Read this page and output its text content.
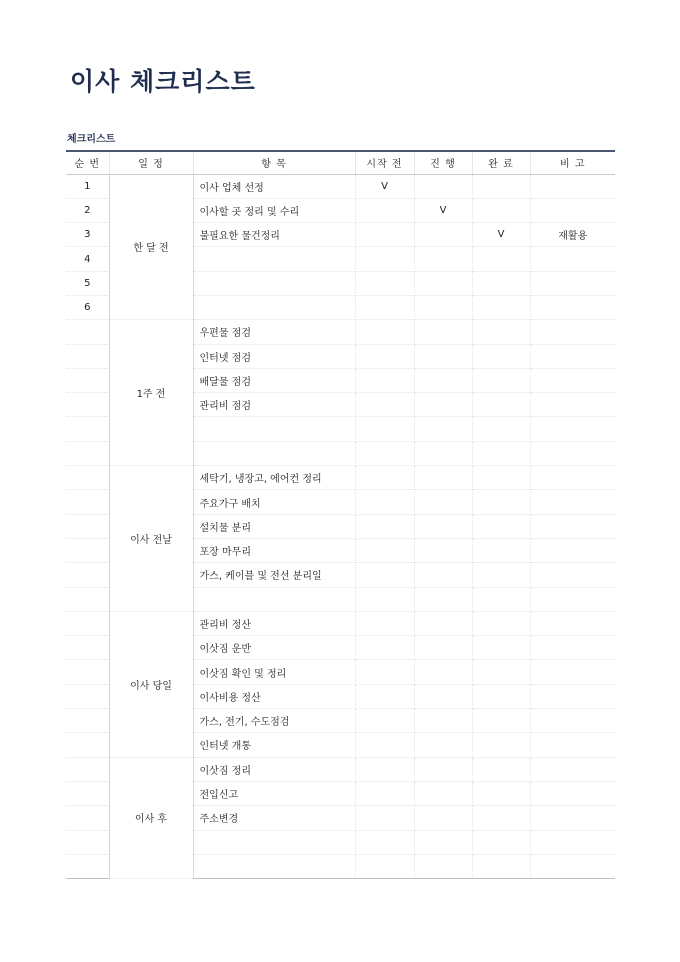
이사 체크리스트
체크리스트
순 번	일 정	항 목	시작 전	진 행	완 료	비 고
1	한 달 전	이사 업체 선정	V			
2		이사할 곳 정리 및 수리		V		
3		불필요한 물건정리			V	재활용
4						
5						
6						
	1주 전	우편물 점검				
		인터넷 점검				
		배달물 점검				
		관리비 점검				

	이사 전날	세탁기, 냉장고, 에어컨 정리				
		주요가구 배치				
		설치물 분리				
		포장 마무리				
		가스, 케이블 및 전선 분리일				

	이사 당일	관리비 정산				
		이삿짐 운반				
		이삿짐 확인 및 정리				
		이사비용 정산				
		가스, 전기, 수도점검				
		인터넷 개통				
	이사 후	이삿짐 정리				
		전입신고				
		주소변경				
